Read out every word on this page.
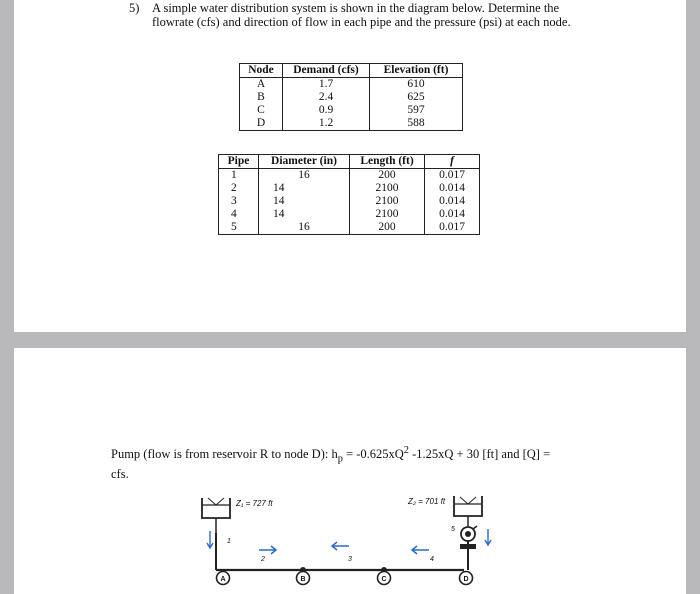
5) A simple water distribution system is shown in the diagram below. Determine the flowrate (cfs) and direction of flow in each pipe and the pressure (psi) at each node.
Node	Demand (cfs)	Elevation (ft)
A	1.7	610
B	2.4	625
C	0.9	597
D	1.2	588
Pipe	Diameter (in)	Length (ft)	f
1	16	200	0.017
2	14	2100	0.014
3	14	2100	0.014
4	14	2100	0.014
5	16	200	0.017
Pump (flow is from reservoir R to node D): $h_p = -0.625xQ^2$ -1.25xQ + 30 [ft] and [Q] =
cfs.
Z₁ = 727 ft
1
2	3	4
5
Z₂ = 701 ft
A	B	C	D
